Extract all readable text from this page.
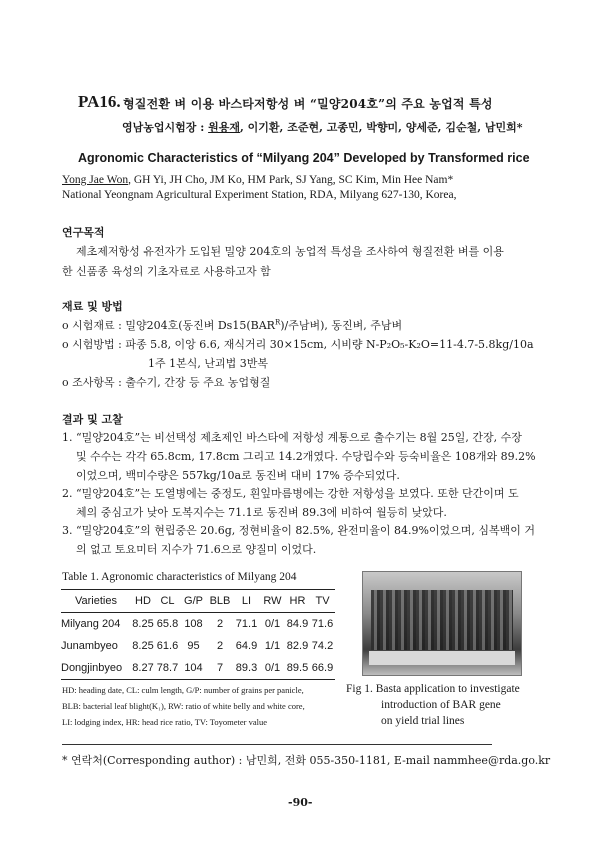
PA16. 형질전환 벼 이용 바스타저항성 벼 “밀양204호”의 주요 농업적 특성
영남농업시험장 : 원용재, 이기환, 조준현, 고종민, 박향미, 양세준, 김순철, 남민희*
Agronomic Characteristics of “Milyang 204” Developed by Transformed rice
Yong Jae Won, GH Yi, JH Cho, JM Ko, HM Park, SJ Yang, SC Kim, Min Hee Nam*
National Yeongnam Agricultural Experiment Station, RDA, Milyang 627-130, Korea,
연구목적
제초제저항성 유전자가 도입된 밀양 204호의 농업적 특성을 조사하여 형질전환 벼를 이용
한 신품종 육성의 기초자료로 사용하고자 함
재료 및 방법
o 시험재료 : 밀양204호(동진벼 $Ds15(BAR^R)/$주남벼), 동진벼, 주남벼
o 시험방법 : 파종 5.8, 이앙 6.6, 재식거리 30×15cm, 시비량 N-P₂O₅-K₂O=11-4.7-5.8kg/10a
1주 1본식, 난괴법 3반복
o 조사항목 : 출수기, 간장 등 주요 농업형질
결과 및 고찰
1. “밀양204호”는 비선택성 제초제인 바스타에 저항성 계통으로 출수기는 8월 25일, 간장, 수장
및 수수는 각각 65.8cm, 17.8cm 그리고 14.2개였다. 수당립수와 등숙비율은 108개와 89.2%
이었으며, 백미수량은 557kg/10a로 동진벼 대비 17% 증수되었다.
2. “밀양204호”는 도열병에는 중정도, 흰잎마름병에는 강한 저항성을 보였다. 또한 단간이며 도
체의 중심고가 낮아 도복지수는 71.1로 동진벼 89.3에 비하여 월등히 낮았다.
3. “밀양204호”의 현립중은 20.6g, 정현비율이 82.5%, 완전미율이 84.9%이었으며, 심복백이 거
의 없고 토요미터 지수가 71.6으로 양질미 이었다.
Table 1. Agronomic characteristics of Milyang 204
Varieties	HD	CL	G/P	BLB	LI	RW	HR	TV
Milyang 204	8.25	65.8	108	2	71.1	0/1	84.9	71.6
Junambyeo	8.25	61.6	95	2	64.9	1/1	82.9	74.2
Dongjinbyeo	8.27	78.7	104	7	89.3	0/1	89.5	66.9
HD: heading date, CL: culm length, G/P: number of grains per panicle,
BLB: bacterial leaf blight(K₁), RW: ratio of white belly and white core,
LI: lodging index, HR: head rice ratio, TV: Toyometer value
Fig 1. Basta application to investigate
introduction of BAR gene
on yield trial lines
* 연락처(Corresponding author) : 남민희, 전화 055-350-1181, E-mail nammhee@rda.go.kr
-90-
